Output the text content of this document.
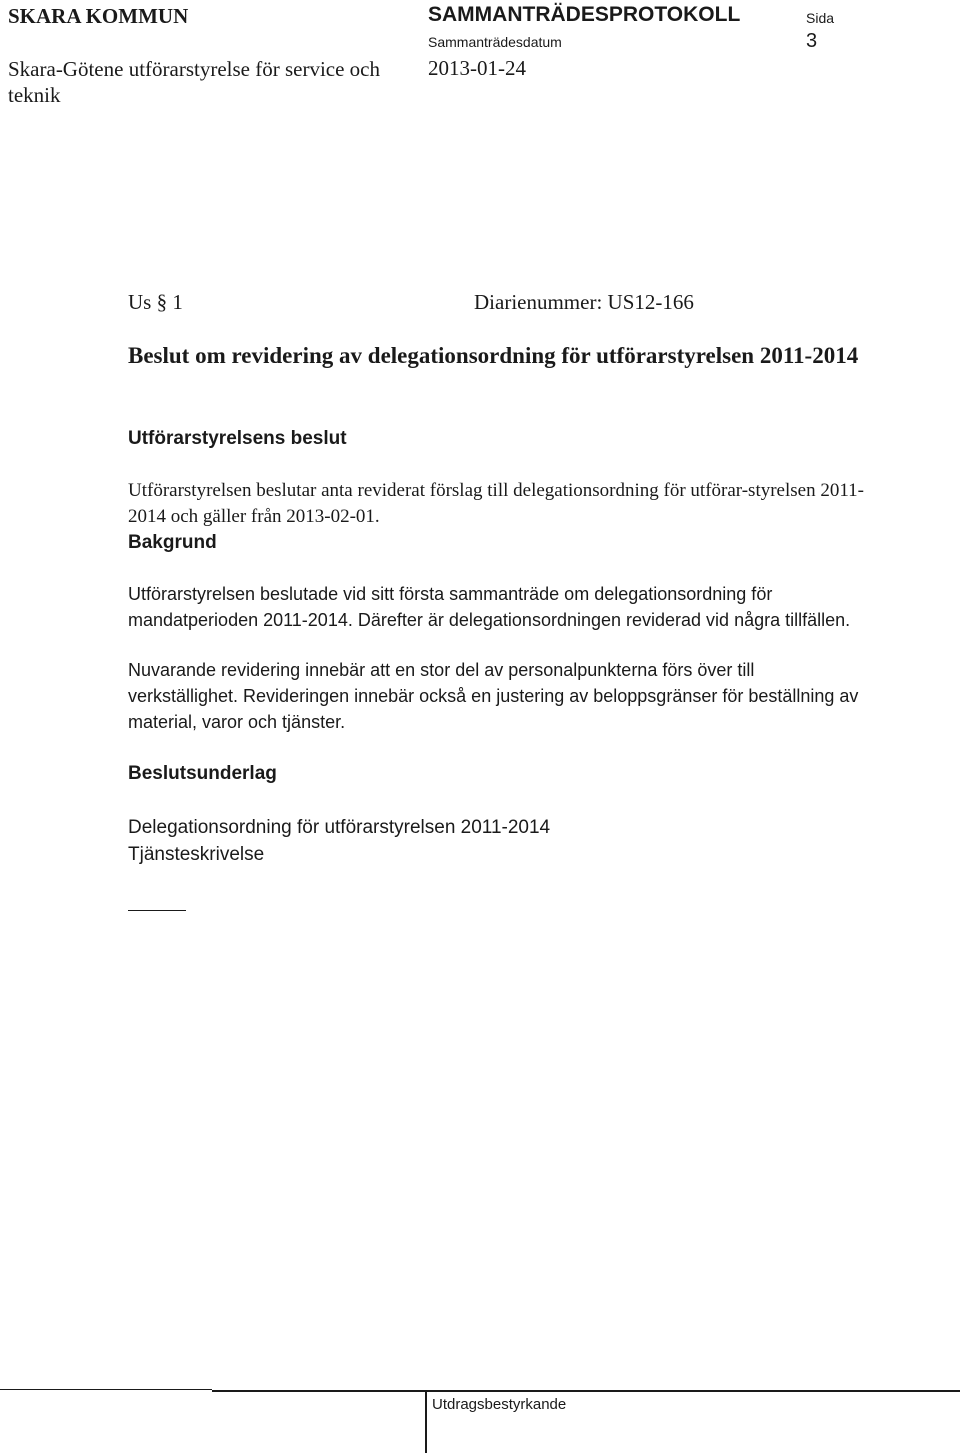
SKARA KOMMUN
Skara-Götene utförarstyrelse för service och teknik
SAMMANTRÄDESPROTOKOLL
Sammanträdesdatum
2013-01-24
Sida
3
Us § 1	Diarienummer: US12-166
Beslut om revidering av delegationsordning för utförarstyrelsen 2011-2014
Utförarstyrelsens beslut

Utförarstyrelsen beslutar anta reviderat förslag till delegationsordning för utförar-styrelsen 2011-2014 och gäller från 2013-02-01.

Bakgrund

Utförarstyrelsen beslutade vid sitt första sammanträde om delegationsordning för mandatperioden 2011-2014. Därefter är delegationsordningen reviderad vid några tillfällen.

Nuvarande revidering innebär att en stor del av personalpunkterna förs över till verkställighet. Revideringen innebär också en justering av beloppsgränser för beställning av material, varor och tjänster.

Beslutsunderlag
Delegationsordning för utförarstyrelsen 2011-2014
Tjänsteskrivelse
Utdragsbestyrkande
